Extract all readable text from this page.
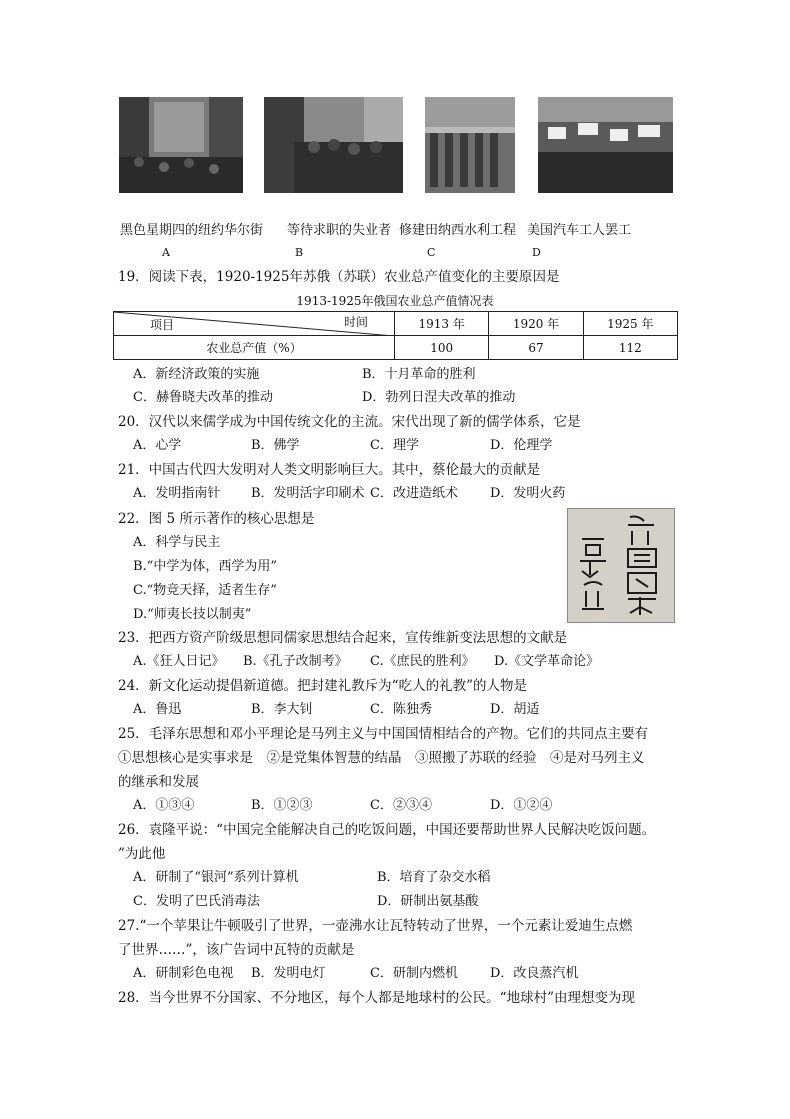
黑色星期四的纽约华尔街 等待求职的失业者 修建田纳西水利工程 美国汽车工人罢工
A	B	C	D
19．阅读下表，1920-1925年苏俄（苏联）农业总产值变化的主要原因是
1913-1925年俄国农业总产值情况表
时间
项目	1913 年	1920 年	1925 年
农业总产值（%）	100	67	112
A．新经济政策的实施	B．十月革命的胜利
C．赫鲁晓夫改革的推动	D．勃列日涅夫改革的推动
20．汉代以来儒学成为中国传统文化的主流。宋代出现了新的儒学体系，它是
A．心学	B．佛学	C．理学	D．伦理学
21．中国古代四大发明对人类文明影响巨大。其中，蔡伦最大的贡献是
A．发明指南针 B．发明活字印刷术 C．改进造纸术 D．发明火药
22．图 5 所示著作的核心思想是
A．科学与民主
B.“中学为体，西学为用”
C.“物竞天择，适者生存”
D.“师夷长技以制夷”
23．把西方资产阶级思想同儒家思想结合起来，宣传维新变法思想的文献是
A.《狂人日记》 B.《孔子改制考》 C.《庶民的胜利》 D.《文学革命论》
24．新文化运动提倡新道德。把封建礼教斥为“吃人的礼教”的人物是
A．鲁迅	B．李大钊	C．陈独秀	D．胡适
25．毛泽东思想和邓小平理论是马列主义与中国国情相结合的产物。它们的共同点主要有
①思想核心是实事求是　②是党集体智慧的结晶　③照搬了苏联的经验　④是对马列主义
的继承和发展
A．①③④	B．①②③	C．②③④	D．①②④
26．袁隆平说：“中国完全能解决自己的吃饭问题，中国还要帮助世界人民解决吃饭问题。
”为此他
A．研制了“银河”系列计算机	B．培育了杂交水稻
C．发明了巴氏消毒法	D．研制出氨基酸
27.“一个苹果让牛顿吸引了世界，一壶沸水让瓦特转动了世界，一个元素让爱迪生点燃
了世界……”，该广告词中瓦特的贡献是
A．研制彩色电视 B．发明电灯	C．研制内燃机 D．改良蒸汽机
28．当今世界不分国家、不分地区，每个人都是地球村的公民。“地球村”由理想变为现
